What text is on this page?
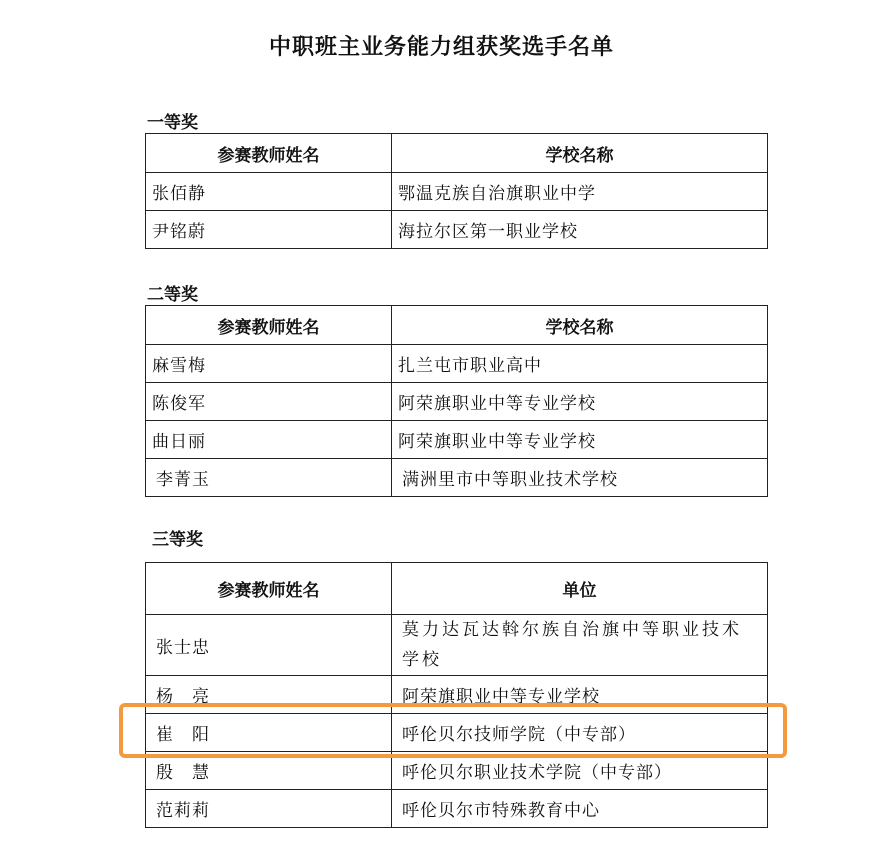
中职班主业务能力组获奖选手名单
一等奖
参赛教师姓名	学校名称
张佰静	鄂温克族自治旗职业中学
尹铭蔚	海拉尔区第一职业学校
二等奖
参赛教师姓名	学校名称
麻雪梅	扎兰屯市职业高中
陈俊军	阿荣旗职业中等专业学校
曲日丽	阿荣旗职业中等专业学校
李菁玉	满洲里市中等职业技术学校
三等奖
参赛教师姓名	单位
张士忠	莫力达瓦达斡尔族自治旗中等职业技术学校
杨　亮	阿荣旗职业中等专业学校
崔　阳	呼伦贝尔技师学院（中专部）
殷　慧	呼伦贝尔职业技术学院（中专部）
范莉莉	呼伦贝尔市特殊教育中心
